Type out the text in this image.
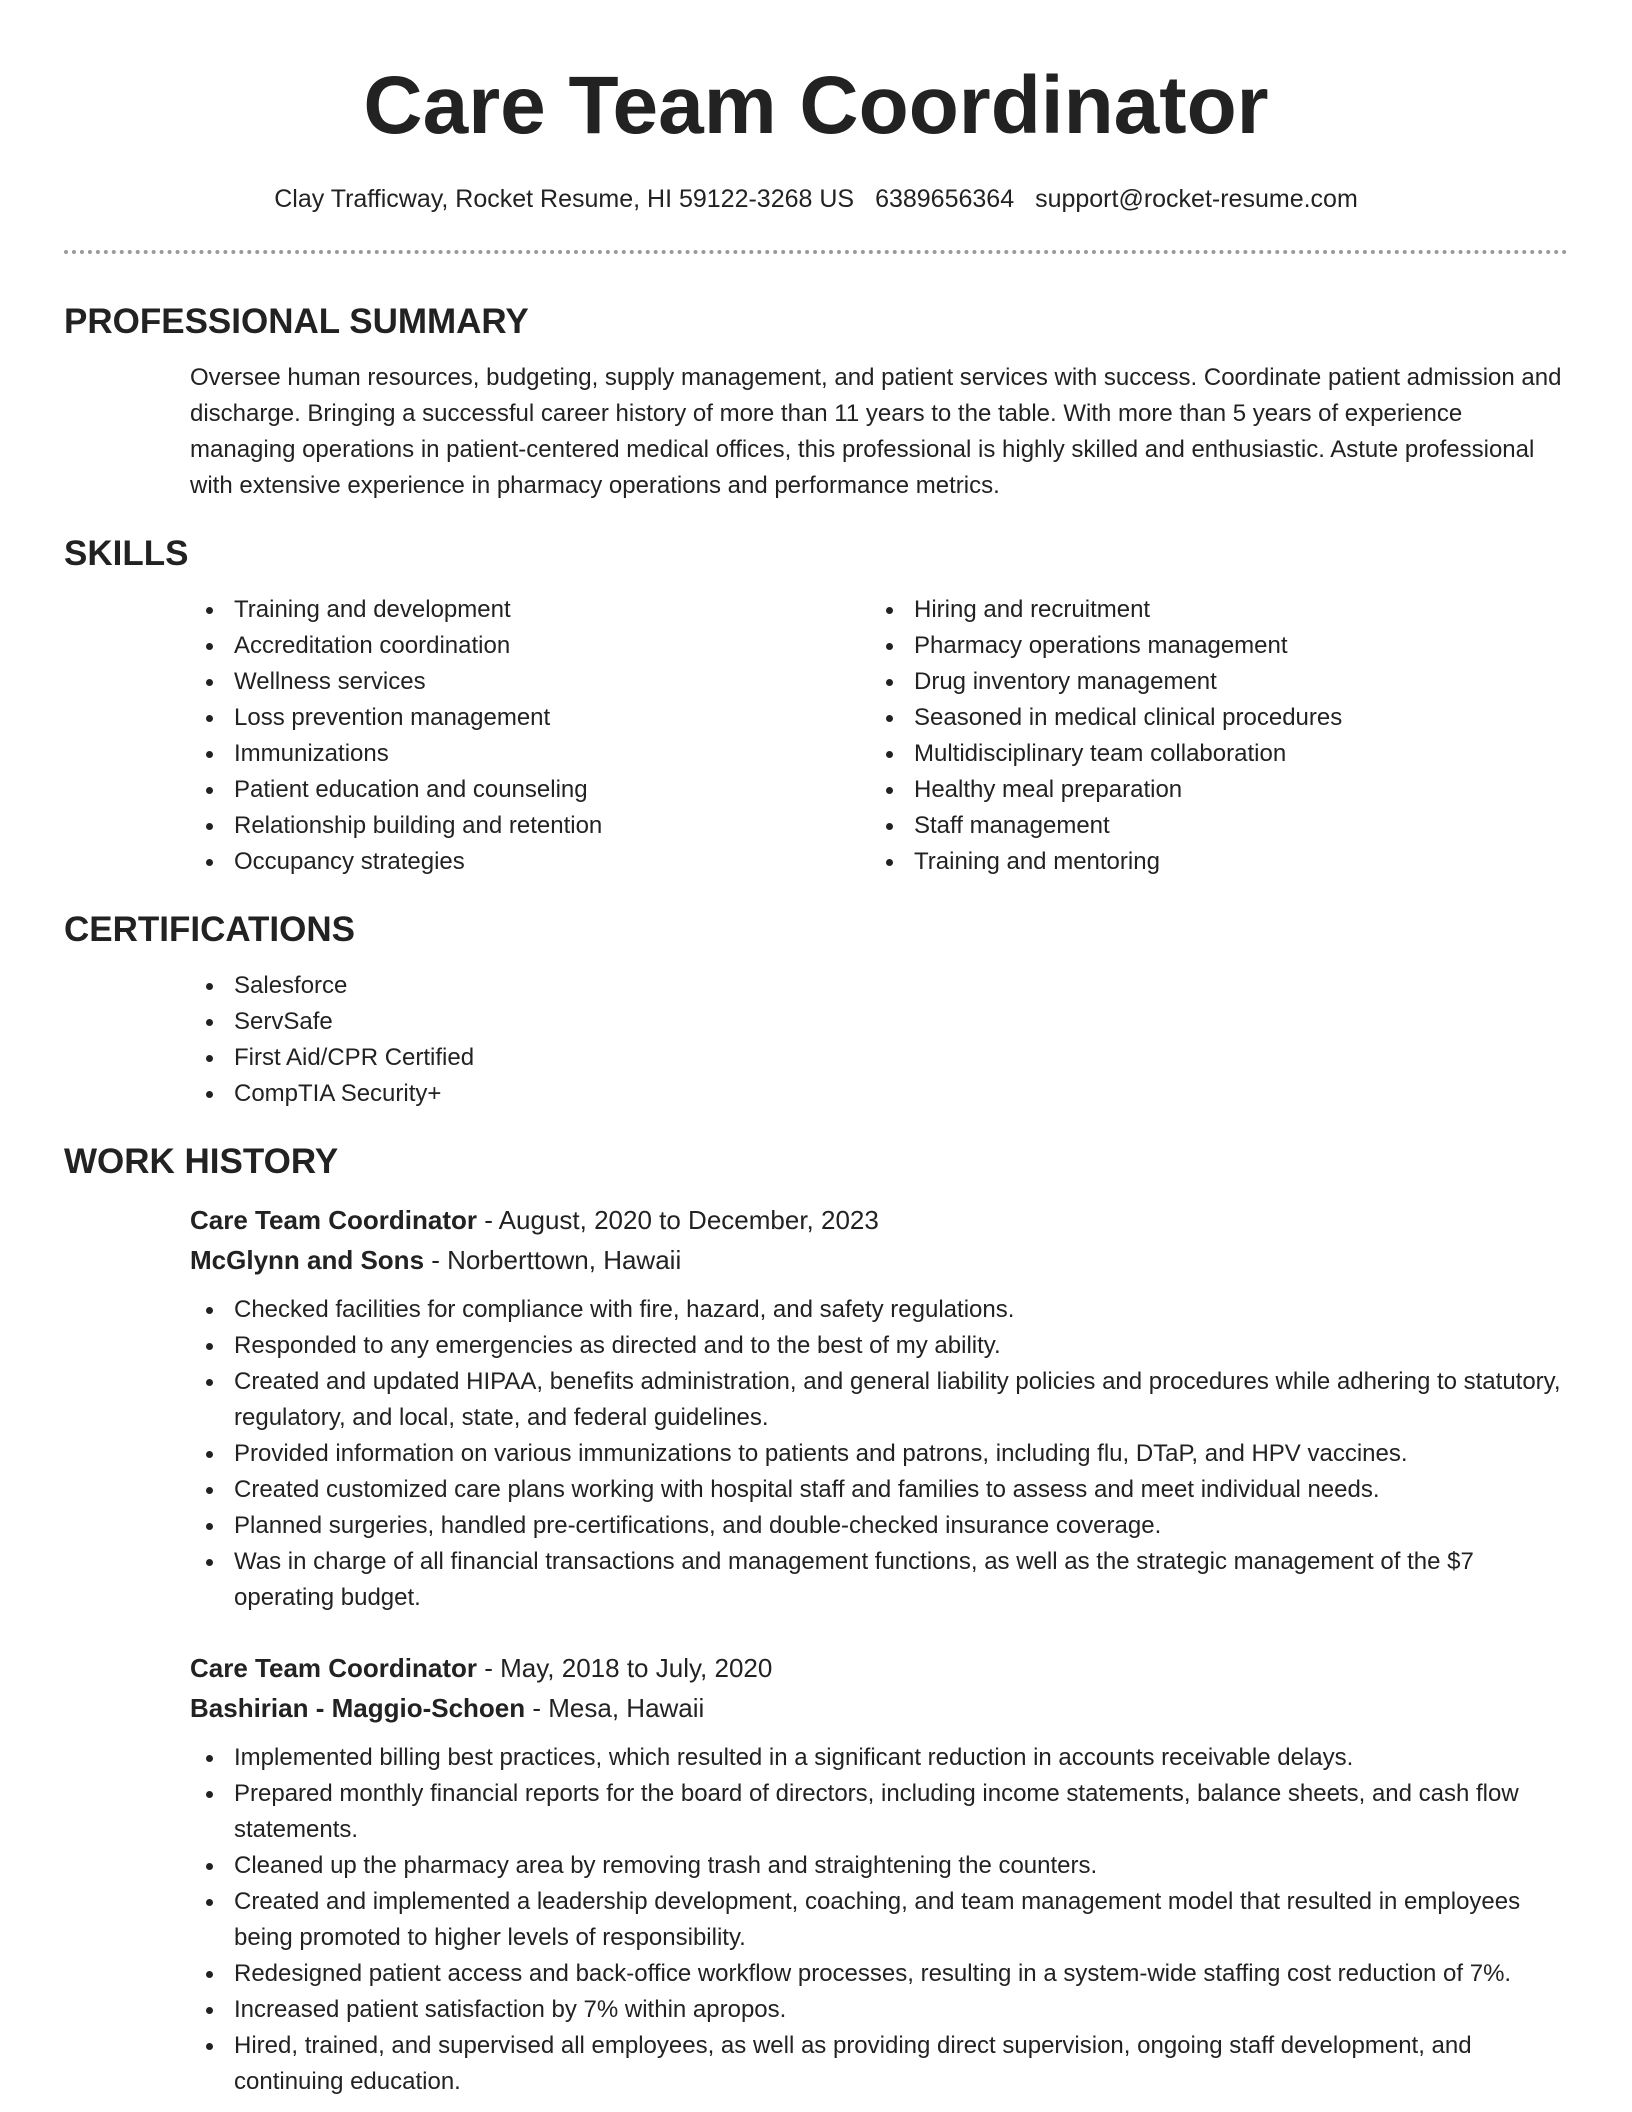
Care Team Coordinator
Clay Trafficway, Rocket Resume, HI 59122-3268 US 6389656364 support@rocket-resume.com
PROFESSIONAL SUMMARY

Oversee human resources, budgeting, supply management, and patient services with success. Coordinate patient admission and discharge. Bringing a successful career history of more than 11 years to the table. With more than 5 years of experience managing operations in patient-centered medical offices, this professional is highly skilled and enthusiastic. Astute professional with extensive experience in pharmacy operations and performance metrics.

SKILLS
Training and development
Accreditation coordination
Wellness services
Loss prevention management
Immunizations
Patient education and counseling
Relationship building and retention
Occupancy strategies
Hiring and recruitment
Pharmacy operations management
Drug inventory management
Seasoned in medical clinical procedures
Multidisciplinary team collaboration
Healthy meal preparation
Staff management
Training and mentoring
CERTIFICATIONS
Salesforce
ServSafe
First Aid/CPR Certified
CompTIA Security+
WORK HISTORY
Care Team Coordinator - August, 2020 to December, 2023
McGlynn and Sons - Norberttown, Hawaii
Checked facilities for compliance with fire, hazard, and safety regulations.
Responded to any emergencies as directed and to the best of my ability.
Created and updated HIPAA, benefits administration, and general liability policies and procedures while adhering to statutory, regulatory, and local, state, and federal guidelines.
Provided information on various immunizations to patients and patrons, including flu, DTaP, and HPV vaccines.
Created customized care plans working with hospital staff and families to assess and meet individual needs.
Planned surgeries, handled pre-certifications, and double-checked insurance coverage.
Was in charge of all financial transactions and management functions, as well as the strategic management of the $7 operating budget.
Care Team Coordinator - May, 2018 to July, 2020
Bashirian - Maggio-Schoen - Mesa, Hawaii
Implemented billing best practices, which resulted in a significant reduction in accounts receivable delays.
Prepared monthly financial reports for the board of directors, including income statements, balance sheets, and cash flow statements.
Cleaned up the pharmacy area by removing trash and straightening the counters.
Created and implemented a leadership development, coaching, and team management model that resulted in employees being promoted to higher levels of responsibility.
Redesigned patient access and back-office workflow processes, resulting in a system-wide staffing cost reduction of 7%.
Increased patient satisfaction by 7% within apropos.
Hired, trained, and supervised all employees, as well as providing direct supervision, ongoing staff development, and continuing education.
